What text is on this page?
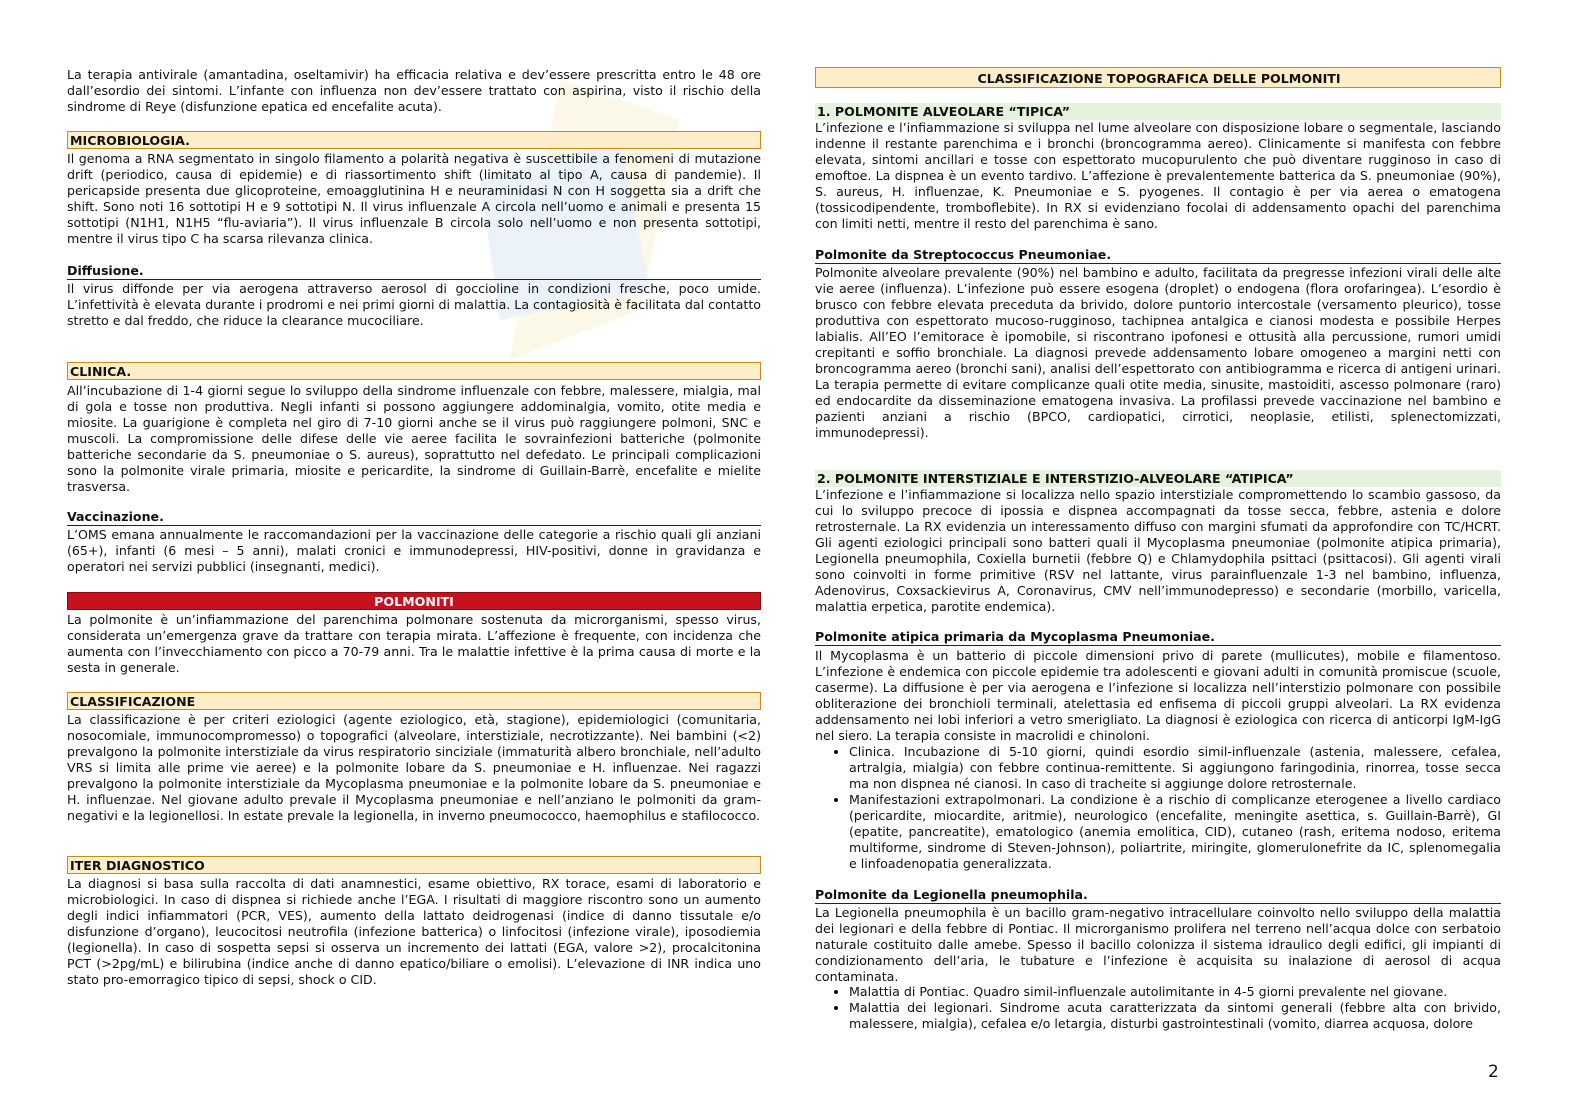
La terapia antivirale (amantadina, oseltamivir) ha efficacia relativa e dev’essere prescritta entro le 48 ore dall’esordio dei sintomi. L’infante con influenza non dev’essere trattato con aspirina, visto il rischio della sindrome di Reye (disfunzione epatica ed encefalite acuta).

MICROBIOLOGIA.

Il genoma a RNA segmentato in singolo filamento a polarità negativa è suscettibile a fenomeni di mutazione drift (periodico, causa di epidemie) e di riassortimento shift (limitato al tipo A, causa di pandemie). Il pericapside presenta due glicoproteine, emoagglutinina H e neuraminidasi N con H soggetta sia a drift che shift. Sono noti 16 sottotipi H e 9 sottotipi N. Il virus influenzale A circola nell’uomo e animali e presenta 15 sottotipi (N1H1, N1H5 “flu-aviaria”). Il virus influenzale B circola solo nell’uomo e non presenta sottotipi, mentre il virus tipo C ha scarsa rilevanza clinica.

Diffusione.

Il virus diffonde per via aerogena attraverso aerosol di goccioline in condizioni fresche, poco umide. L’infettività è elevata durante i prodromi e nei primi giorni di malattia. La contagiosità è facilitata dal contatto stretto e dal freddo, che riduce la clearance mucociliare.

CLINICA.

All’incubazione di 1-4 giorni segue lo sviluppo della sindrome influenzale con febbre, malessere, mialgia, mal di gola e tosse non produttiva. Negli infanti si possono aggiungere addominalgia, vomito, otite media e miosite. La guarigione è completa nel giro di 7-10 giorni anche se il virus può raggiungere polmoni, SNC e muscoli. La compromissione delle difese delle vie aeree facilita le sovrainfezioni batteriche (polmonite batteriche secondarie da S. pneumoniae o S. aureus), soprattutto nel defedato. Le principali complicazioni sono la polmonite virale primaria, miosite e pericardite, la sindrome di Guillain-Barrè, encefalite e mielite trasversa.

Vaccinazione.

L’OMS emana annualmente le raccomandazioni per la vaccinazione delle categorie a rischio quali gli anziani (65+), infanti (6 mesi – 5 anni), malati cronici e immunodepressi, HIV-positivi, donne in gravidanza e operatori nei servizi pubblici (insegnanti, medici).

POLMONITI

La polmonite è un’infiammazione del parenchima polmonare sostenuta da microrganismi, spesso virus, considerata un’emergenza grave da trattare con terapia mirata. L’affezione è frequente, con incidenza che aumenta con l’invecchiamento con picco a 70-79 anni. Tra le malattie infettive è la prima causa di morte e la sesta in generale.

CLASSIFICAZIONE

La classificazione è per criteri eziologici (agente eziologico, età, stagione), epidemiologici (comunitaria, nosocomiale, immunocompromesso) o topografici (alveolare, interstiziale, necrotizzante). Nei bambini (<2) prevalgono la polmonite interstiziale da virus respiratorio sinciziale (immaturità albero bronchiale, nell’adulto VRS si limita alle prime vie aeree) e la polmonite lobare da S. pneumoniae e H. influenzae. Nei ragazzi prevalgono la polmonite interstiziale da Mycoplasma pneumoniae e la polmonite lobare da S. pneumoniae e H. influenzae. Nel giovane adulto prevale il Mycoplasma pneumoniae e nell’anziano le polmoniti da gram-negativi e la legionellosi. In estate prevale la legionella, in inverno pneumococco, haemophilus e stafilococco.

ITER DIAGNOSTICO

La diagnosi si basa sulla raccolta di dati anamnestici, esame obiettivo, RX torace, esami di laboratorio e microbiologici. In caso di dispnea si richiede anche l’EGA. I risultati di maggiore riscontro sono un aumento degli indici infiammatori (PCR, VES), aumento della lattato deidrogenasi (indice di danno tissutale e/o disfunzione d’organo), leucocitosi neutrofila (infezione batterica) o linfocitosi (infezione virale), iposodiemia (legionella). In caso di sospetta sepsi si osserva un incremento dei lattati (EGA, valore >2), procalcitonina PCT (>2pg/mL) e bilirubina (indice anche di danno epatico/biliare o emolisi). L’elevazione di INR indica uno stato pro-emorragico tipico di sepsi, shock o CID.

CLASSIFICAZIONE TOPOGRAFICA DELLE POLMONITI
1. POLMONITE ALVEOLARE “TIPICA”

L’infezione e l’infiammazione si sviluppa nel lume alveolare con disposizione lobare o segmentale, lasciando indenne il restante parenchima e i bronchi (broncogramma aereo). Clinicamente si manifesta con febbre elevata, sintomi ancillari e tosse con espettorato mucopurulento che può diventare rugginoso in caso di emoftoe. La dispnea è un evento tardivo. L’affezione è prevalentemente batterica da S. pneumoniae (90%), S. aureus, H. influenzae, K. Pneumoniae e S. pyogenes. Il contagio è per via aerea o ematogena (tossicodipendente, tromboflebite). In RX si evidenziano focolai di addensamento opachi del parenchima con limiti netti, mentre il resto del parenchima è sano.

Polmonite da Streptococcus Pneumoniae.

Polmonite alveolare prevalente (90%) nel bambino e adulto, facilitata da pregresse infezioni virali delle alte vie aeree (influenza). L’infezione può essere esogena (droplet) o endogena (flora orofaringea). L’esordio è brusco con febbre elevata preceduta da brivido, dolore puntorio intercostale (versamento pleurico), tosse produttiva con espettorato mucoso-rugginoso, tachipnea antalgica e cianosi modesta e possibile Herpes labialis. All’EO l’emitorace è ipomobile, si riscontrano ipofonesi e ottusità alla percussione, rumori umidi crepitanti e soffio bronchiale. La diagnosi prevede addensamento lobare omogeneo a margini netti con broncogramma aereo (bronchi sani), analisi dell’espettorato con antibiogramma e ricerca di antigeni urinari. La terapia permette di evitare complicanze quali otite media, sinusite, mastoiditi, ascesso polmonare (raro) ed endocardite da disseminazione ematogena invasiva. La profilassi prevede vaccinazione nel bambino e pazienti anziani a rischio (BPCO, cardiopatici, cirrotici, neoplasie, etilisti, splenectomizzati, immunodepressi).

2. POLMONITE INTERSTIZIALE E INTERSTIZIO-ALVEOLARE “ATIPICA”

L’infezione e l’infiammazione si localizza nello spazio interstiziale compromettendo lo scambio gassoso, da cui lo sviluppo precoce di ipossia e dispnea accompagnati da tosse secca, febbre, astenia e dolore retrosternale. La RX evidenzia un interessamento diffuso con margini sfumati da approfondire con TC/HCRT. Gli agenti eziologici principali sono batteri quali il Mycoplasma pneumoniae (polmonite atipica primaria), Legionella pneumophila, Coxiella burnetii (febbre Q) e Chlamydophila psittaci (psittacosi). Gli agenti virali sono coinvolti in forme primitive (RSV nel lattante, virus parainfluenzale 1-3 nel bambino, influenza, Adenovirus, Coxsackievirus A, Coronavirus, CMV nell’immunodepresso) e secondarie (morbillo, varicella, malattia erpetica, parotite endemica).

Polmonite atipica primaria da Mycoplasma Pneumoniae.

Il Mycoplasma è un batterio di piccole dimensioni privo di parete (mullicutes), mobile e filamentoso. L’infezione è endemica con piccole epidemie tra adolescenti e giovani adulti in comunità promiscue (scuole, caserme). La diffusione è per via aerogena e l’infezione si localizza nell’interstizio polmonare con possibile obliterazione dei bronchioli terminali, atelettasia ed enfisema di piccoli gruppi alveolari. La RX evidenza addensamento nei lobi inferiori a vetro smerigliato. La diagnosi è eziologica con ricerca di anticorpi IgM-IgG nel siero. La terapia consiste in macrolidi e chinoloni.

• Clinica. Incubazione di 5-10 giorni, quindi esordio simil-influenzale (astenia, malessere, cefalea, artralgia, mialgia) con febbre continua-remittente. Si aggiungono faringodinia, rinorrea, tosse secca ma non dispnea né cianosi. In caso di tracheite si aggiunge dolore retrosternale.
• Manifestazioni extrapolmonari. La condizione è a rischio di complicanze eterogenee a livello cardiaco (pericardite, miocardite, aritmie), neurologico (encefalite, meningite asettica, s. Guillain-Barrè), GI (epatite, pancreatite), ematologico (anemia emolitica, CID), cutaneo (rash, eritema nodoso, eritema multiforme, sindrome di Steven-Johnson), poliartrite, miringite, glomerulonefrite da IC, splenomegalia e linfoadenopatia generalizzata.
Polmonite da Legionella pneumophila.

La Legionella pneumophila è un bacillo gram-negativo intracellulare coinvolto nello sviluppo della malattia dei legionari e della febbre di Pontiac. Il microrganismo prolifera nel terreno nell’acqua dolce con serbatoio naturale costituito dalle amebe. Spesso il bacillo colonizza il sistema idraulico degli edifici, gli impianti di condizionamento dell’aria, le tubature e l’infezione è acquisita su inalazione di aerosol di acqua contaminata.

• Malattia di Pontiac. Quadro simil-influenzale autolimitante in 4-5 giorni prevalente nel giovane.
• Malattia dei legionari. Sindrome acuta caratterizzata da sintomi generali (febbre alta con brivido, malessere, mialgia), cefalea e/o letargia, disturbi gastrointestinali (vomito, diarrea acquosa, dolore
2
